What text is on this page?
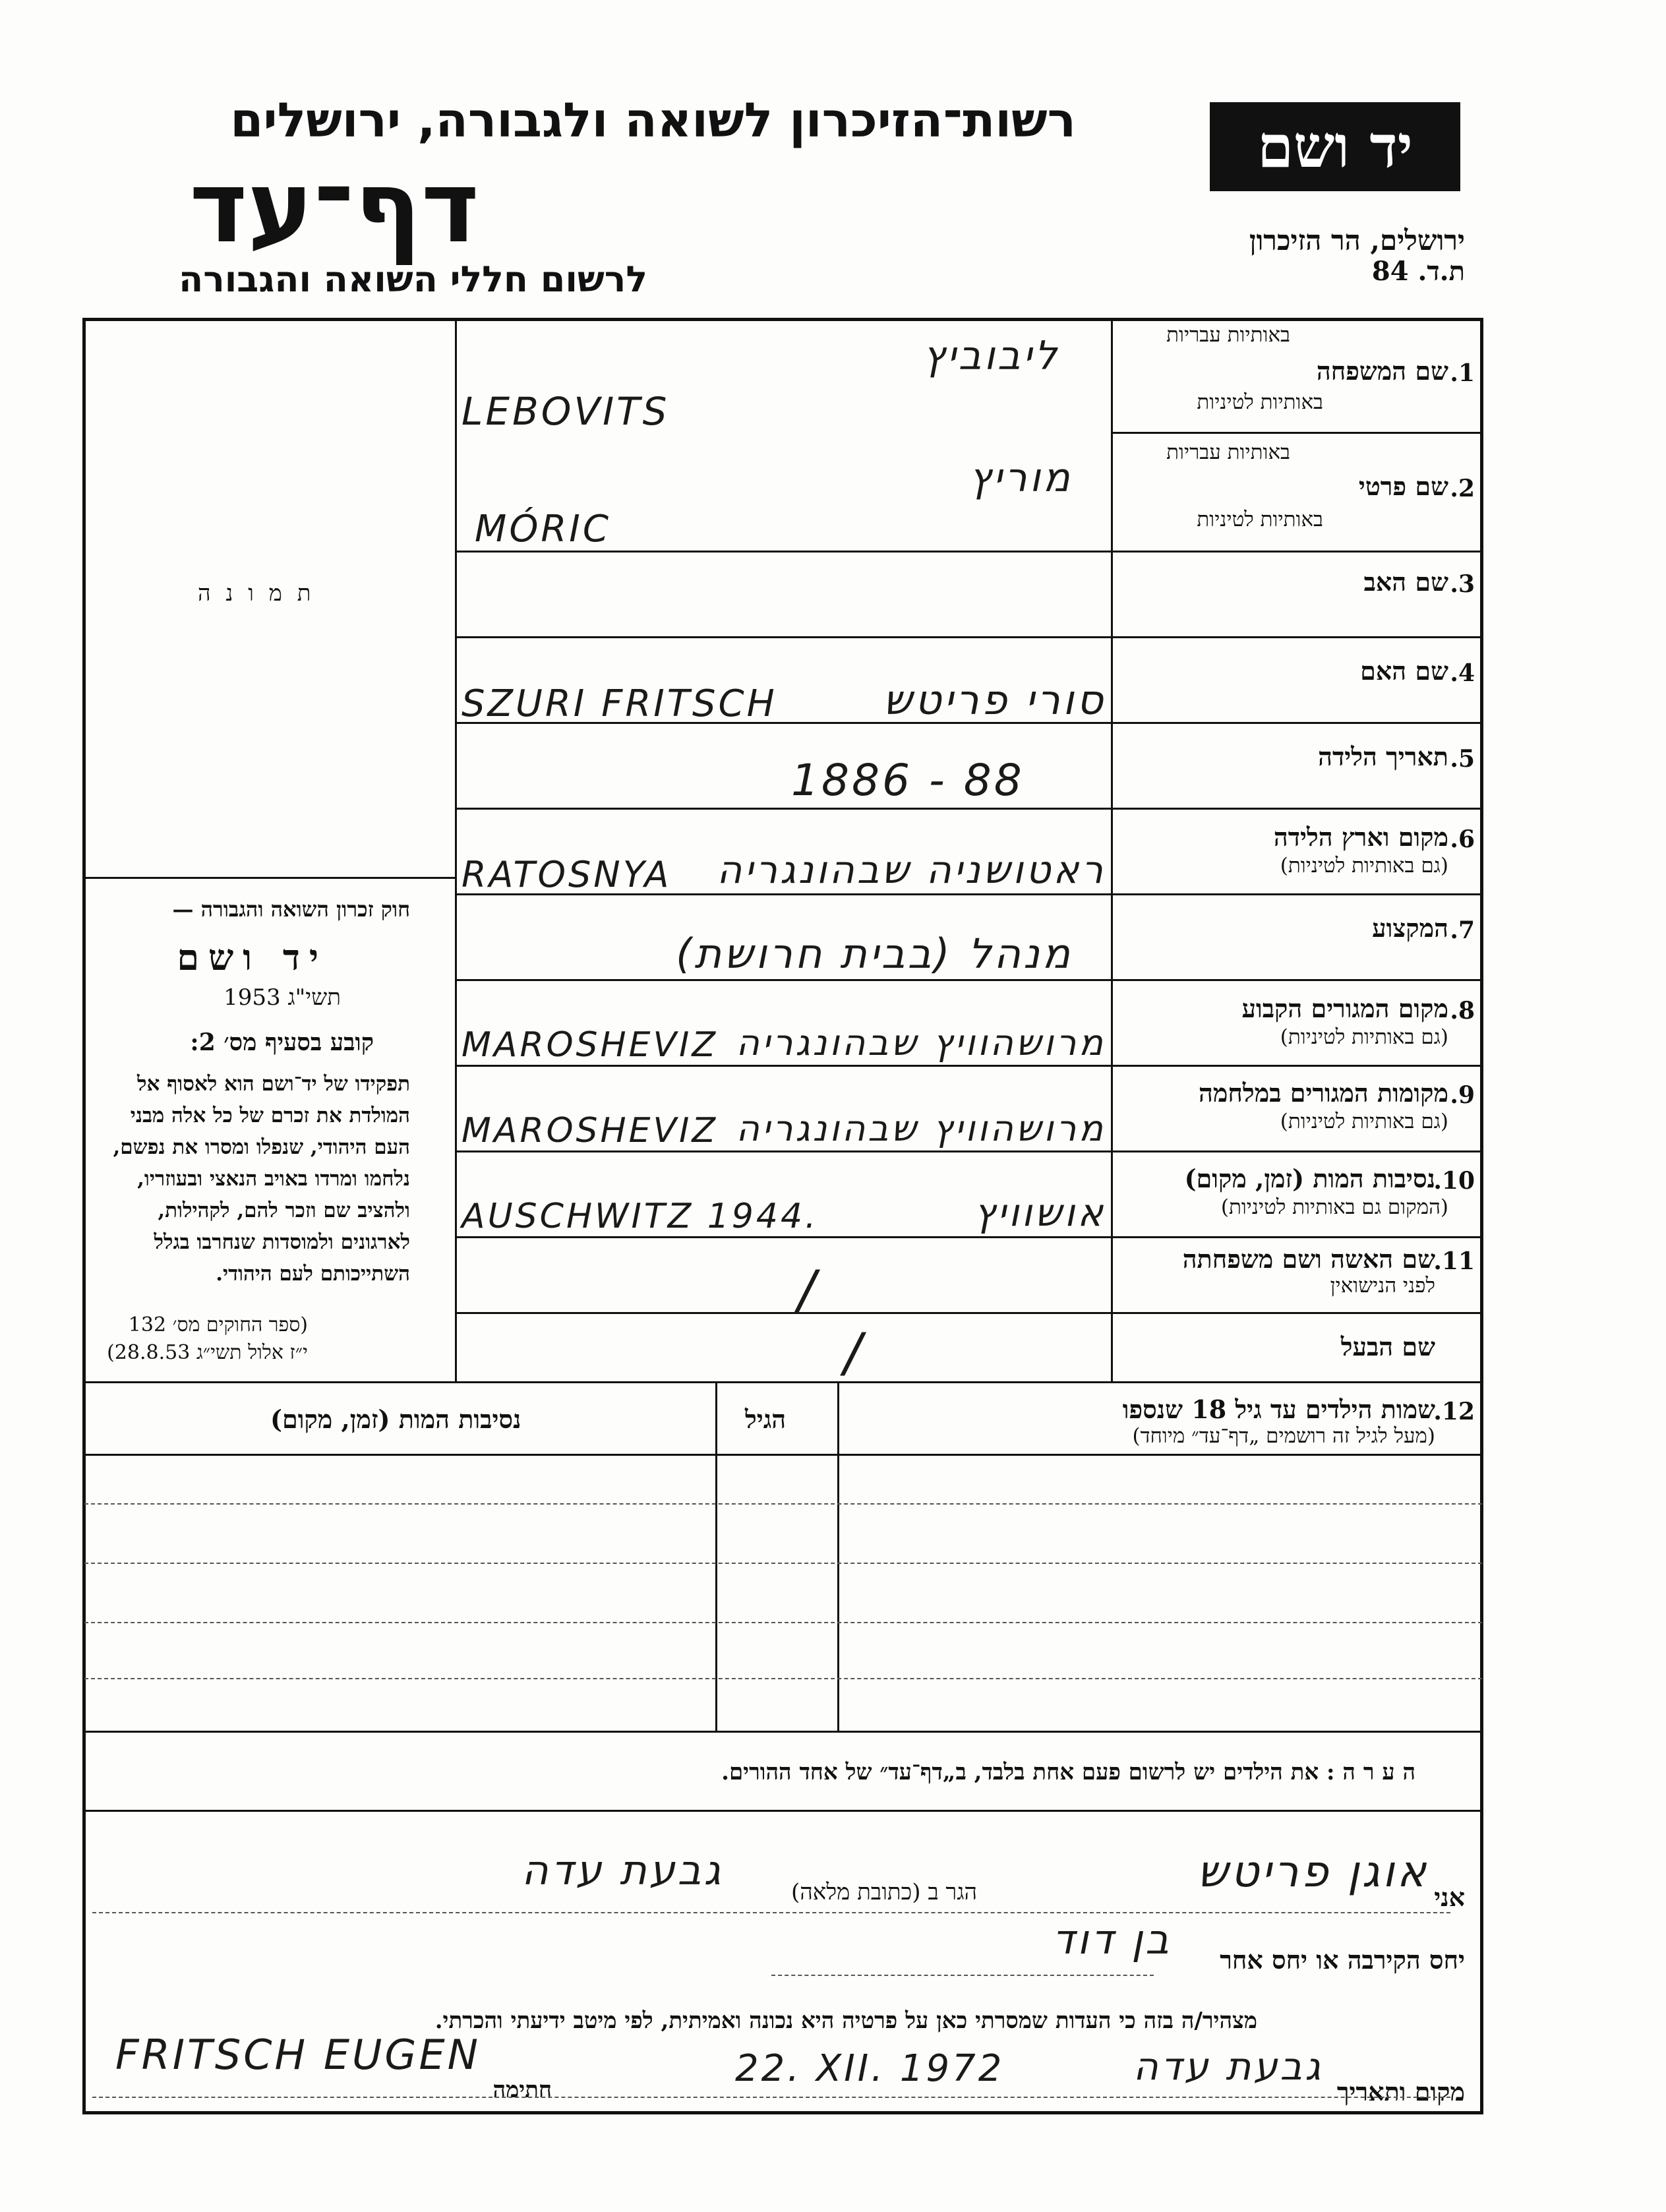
רשות־הזיכרון לשואה ולגבורה, ירושלים
דף־עד
לרשום חללי השואה והגבורה
יד ושם
ירושלים, הר הזיכרון
ת.ד. 84
ת מ ו נ ה
1.
שם המשפחה
באותיות עבריות
באותיות לטיניות
ליבוביץ
LEBOVITS
2.
שם פרטי
באותיות עבריות
באותיות לטיניות
מוריץ
MÓRIC
3.
שם האב
4.
שם האם
SZURI FRITSCH	סורי פריטש
5.
תאריך הלידה
1886 - 88
6.
מקום וארץ הלידה
(גם באותיות לטיניות)
RATOSNYA ראטושניה שבהונגריה
7.
המקצוע
מנהל (בבית חרושת)
8.
מקום המגורים הקבוע
(גם באותיות לטיניות)
MAROSHEVIZ מרושהוויץ שבהונגריה
9.
מקומות המגורים במלחמה
(גם באותיות לטיניות)
MAROSHEVIZ מרושהוויץ שבהונגריה
10.
נסיבות המות (זמן, מקום)
(המקום גם באותיות לטיניות)
AUSCHWITZ 1944.	אושוויץ
11.
שם האשה ושם משפחתה
לפני הנישואין
/
שם הבעל
/
חוק זכרון השואה והגבורה —
יד ושם
תשי"ג 1953
קובע בסעיף מס׳ 2:
תפקידו של יד־ושם הוא לאסוף אל
המולדת את זכרם של כל אלה מבני
העם היהודי, שנפלו ומסרו את נפשם,
נלחמו ומרדו באויב הנאצי ובעוזריו,
ולהציב שם וזכר להם, לקהילות,
לארגונים ולמוסדות שנחרבו בגלל
השתייכותם לעם היהודי.
(ספר החוקים מס׳ 132
י״ז אלול תשי״ג 28.8.53)
12.
שמות הילדים עד גיל 18 שנספו
(מעל לגיל זה רושמים „דף־עד״ מיוחד)
הגיל
נסיבות המות (זמן, מקום)
ה ע ר ה : את הילדים יש לרשום פעם אחת בלבד, ב„דף־עד״ של אחד ההורים.
אני
אוגן פריטש
הגר ב (כתובת מלאה)
גבעת עדה
יחס הקירבה או יחס אחר
בן דוד
מצהיר/ה בזה כי העדות שמסרתי כאן על פרטיה היא נכונה ואמיתית, לפי מיטב ידיעתי והכרתי.
מקום ותאריך
גבעת עדה
22. XII. 1972
חתימה
FRITSCH EUGEN
